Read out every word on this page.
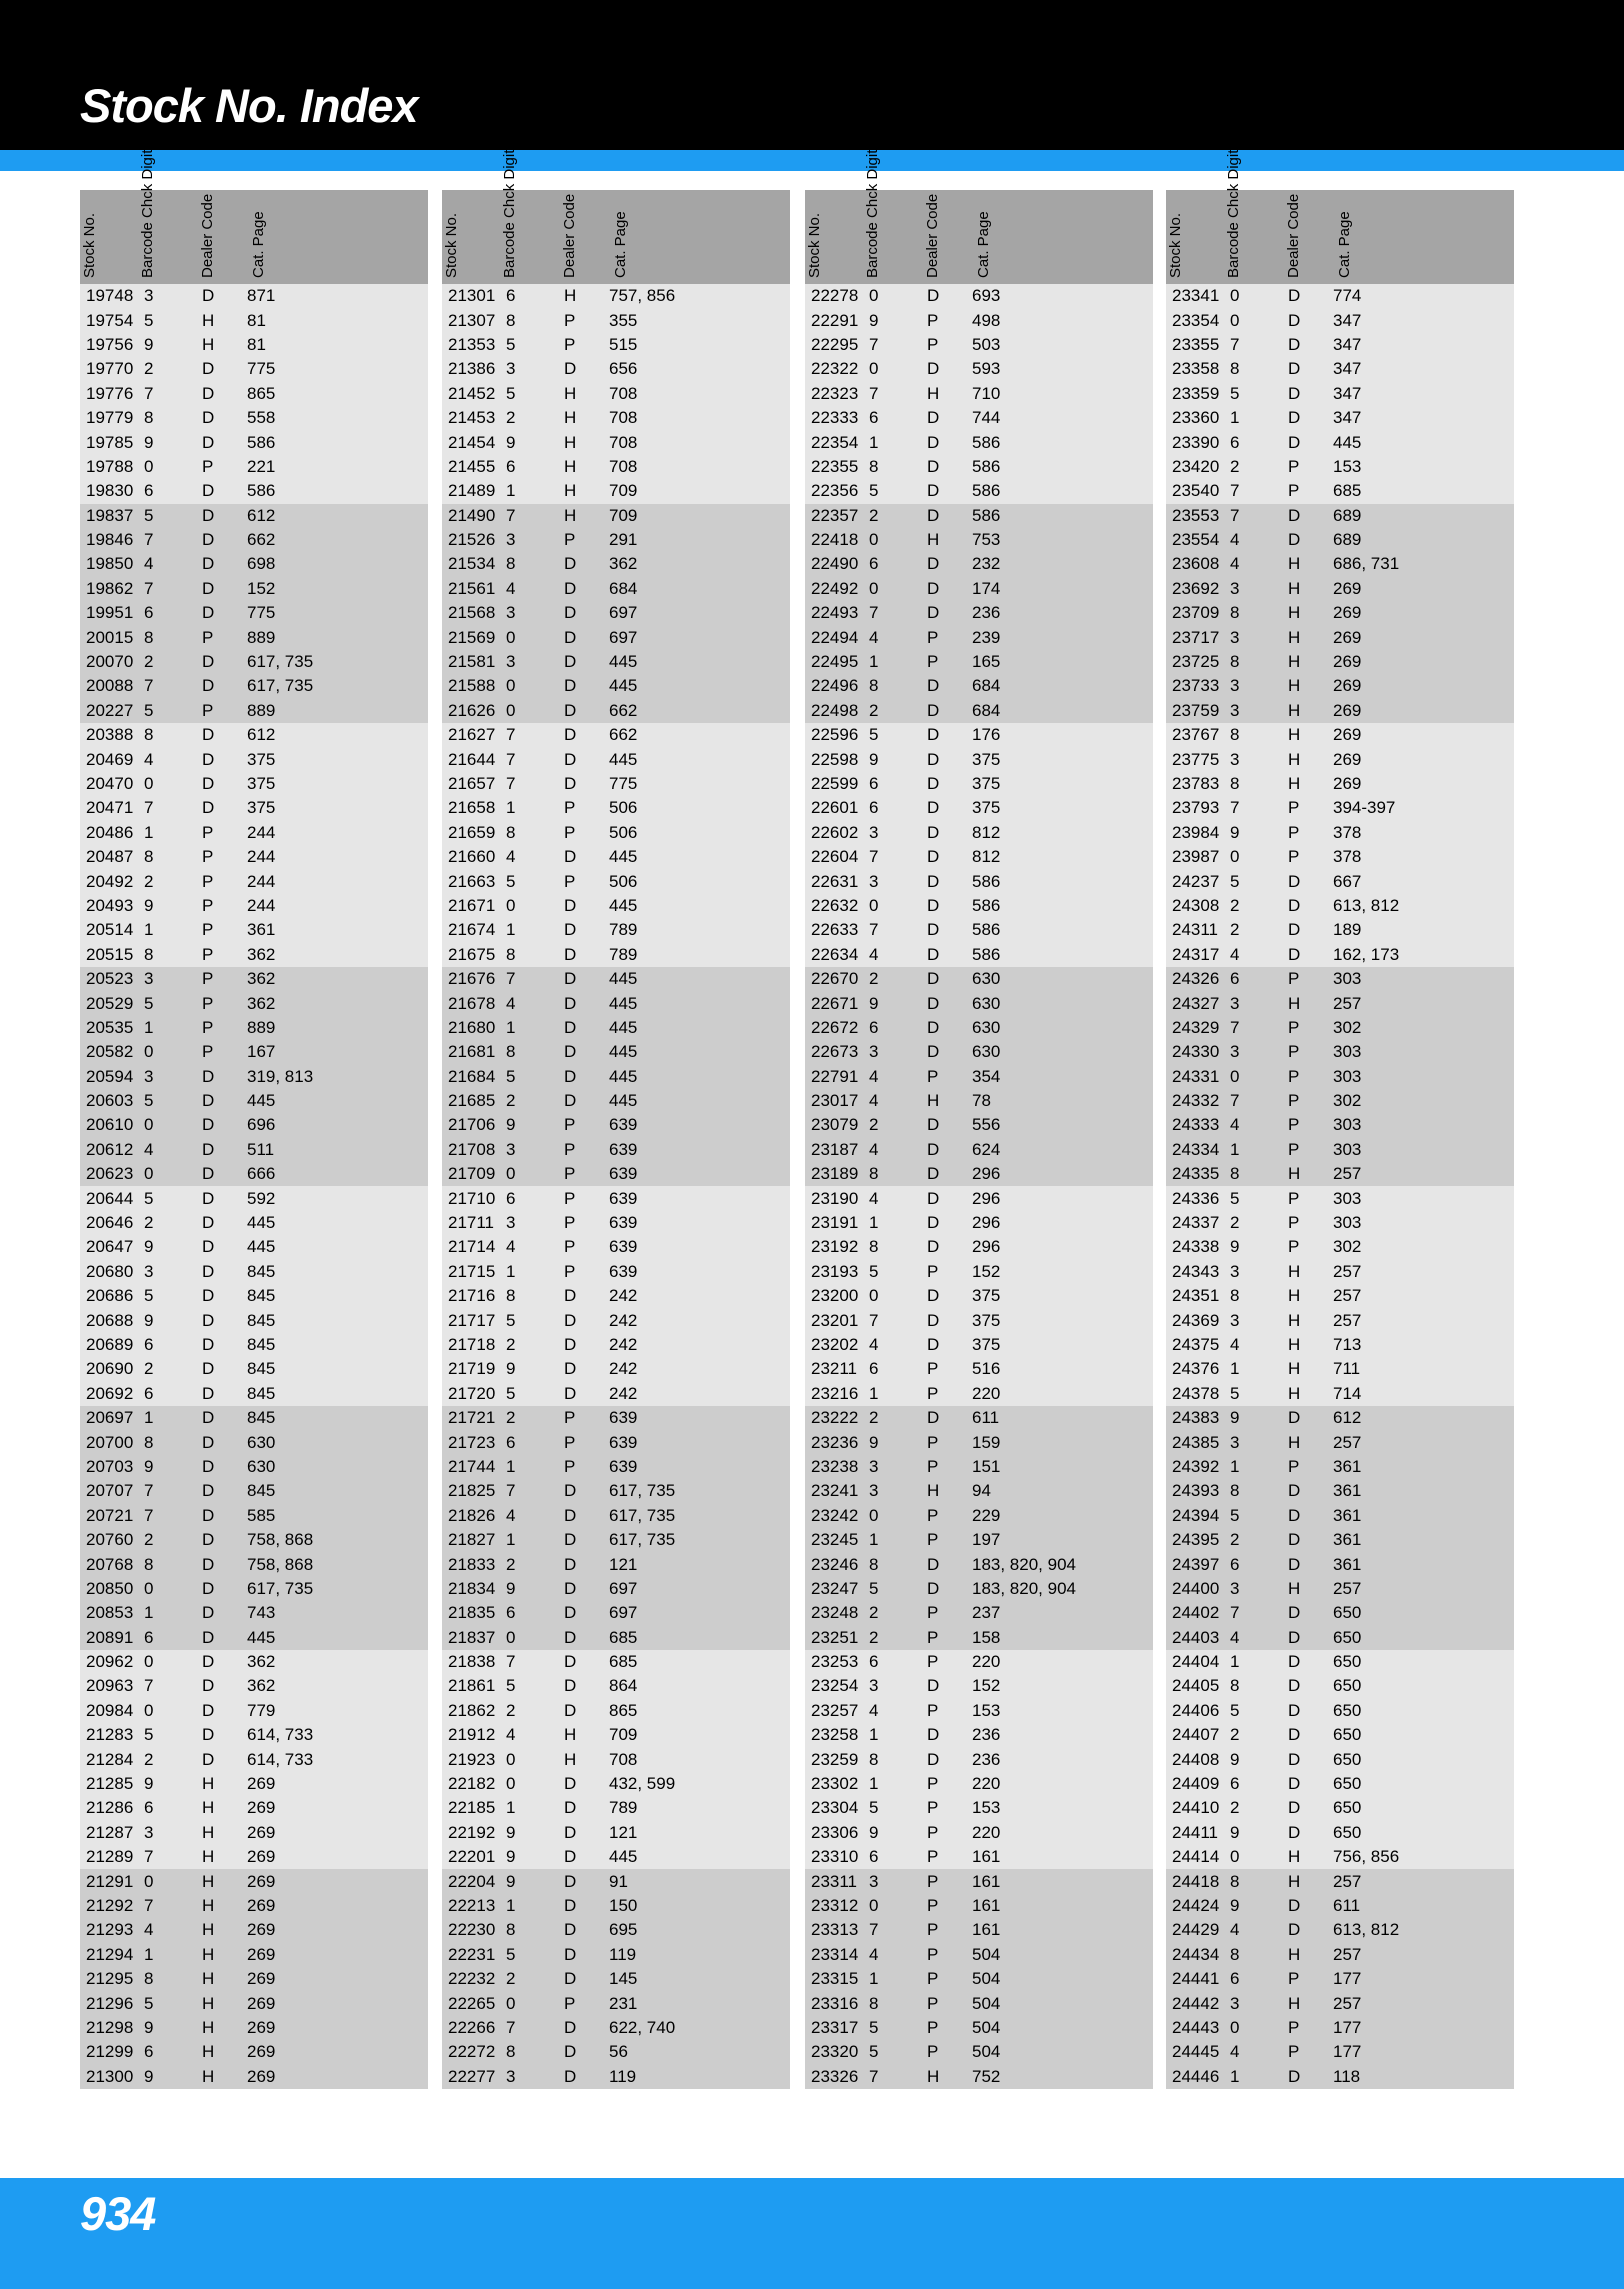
Stock No. Index
Stock No.	Barcode Chck Digit	Dealer Code Cat. Page
19748 3	D	871
19754 5	H	81
19756 9	H	81
19770 2	D	775
19776 7	D	865
19779 8	D	558
19785 9	D	586
19788 0	P	221
19830 6	D	586
19837 5	D	612
19846 7	D	662
19850 4	D	698
19862 7	D	152
19951 6	D	775
20015 8	P	889
20070 2	D	617, 735
20088 7	D	617, 735
20227 5	P	889
20388 8	D	612
20469 4	D	375
20470 0	D	375
20471 7	D	375
20486 1	P	244
20487 8	P	244
20492 2	P	244
20493 9	P	244
20514 1	P	361
20515 8	P	362
20523 3	P	362
20529 5	P	362
20535 1	P	889
20582 0	P	167
20594 3	D	319, 813
20603 5	D	445
20610 0	D	696
20612 4	D	511
20623 0	D	666
20644 5	D	592
20646 2	D	445
20647 9	D	445
20680 3	D	845
20686 5	D	845
20688 9	D	845
20689 6	D	845
20690 2	D	845
20692 6	D	845
20697 1	D	845
20700 8	D	630
20703 9	D	630
20707 7	D	845
20721 7	D	585
20760 2	D	758, 868
20768 8	D	758, 868
20850 0	D	617, 735
20853 1	D	743
20891 6	D	445
20962 0	D	362
20963 7	D	362
20984 0	D	779
21283 5	D	614, 733
21284 2	D	614, 733
21285 9	H	269
21286 6	H	269
21287 3	H	269
21289 7	H	269
21291 0	H	269
21292 7	H	269
21293 4	H	269
21294 1	H	269
21295 8	H	269
21296 5	H	269
21298 9	H	269
21299 6	H	269
21300 9	H	269
Stock No.	Barcode Chck Digit	Dealer Code Cat. Page
21301 6	H	757, 856
21307 8	P	355
21353 5	P	515
21386 3	D	656
21452 5	H	708
21453 2	H	708
21454 9	H	708
21455 6	H	708
21489 1	H	709
21490 7	H	709
21526 3	P	291
21534 8	D	362
21561 4	D	684
21568 3	D	697
21569 0	D	697
21581 3	D	445
21588 0	D	445
21626 0	D	662
21627 7	D	662
21644 7	D	445
21657 7	D	775
21658 1	P	506
21659 8	P	506
21660 4	D	445
21663 5	P	506
21671 0	D	445
21674 1	D	789
21675 8	D	789
21676 7	D	445
21678 4	D	445
21680 1	D	445
21681 8	D	445
21684 5	D	445
21685 2	D	445
21706 9	P	639
21708 3	P	639
21709 0	P	639
21710 6	P	639
21711 3	P	639
21714 4	P	639
21715 1	P	639
21716 8	D	242
21717 5	D	242
21718 2	D	242
21719 9	D	242
21720 5	D	242
21721 2	P	639
21723 6	P	639
21744 1	P	639
21825 7	D	617, 735
21826 4	D	617, 735
21827 1	D	617, 735
21833 2	D	121
21834 9	D	697
21835 6	D	697
21837 0	D	685
21838 7	D	685
21861 5	D	864
21862 2	D	865
21912 4	H	709
21923 0	H	708
22182 0	D	432, 599
22185 1	D	789
22192 9	D	121
22201 9	D	445
22204 9	D	91
22213 1	D	150
22230 8	D	695
22231 5	D	119
22232 2	D	145
22265 0	P	231
22266 7	D	622, 740
22272 8	D	56
22277 3	D	119
Stock No.	Barcode Chck Digit	Dealer Code Cat. Page
22278 0	D	693
22291 9	P	498
22295 7	P	503
22322 0	D	593
22323 7	H	710
22333 6	D	744
22354 1	D	586
22355 8	D	586
22356 5	D	586
22357 2	D	586
22418 0	H	753
22490 6	D	232
22492 0	D	174
22493 7	D	236
22494 4	P	239
22495 1	P	165
22496 8	D	684
22498 2	D	684
22596 5	D	176
22598 9	D	375
22599 6	D	375
22601 6	D	375
22602 3	D	812
22604 7	D	812
22631 3	D	586
22632 0	D	586
22633 7	D	586
22634 4	D	586
22670 2	D	630
22671 9	D	630
22672 6	D	630
22673 3	D	630
22791 4	P	354
23017 4	H	78
23079 2	D	556
23187 4	D	624
23189 8	D	296
23190 4	D	296
23191 1	D	296
23192 8	D	296
23193 5	P	152
23200 0	D	375
23201 7	D	375
23202 4	D	375
23211 6	P	516
23216 1	P	220
23222 2	D	611
23236 9	P	159
23238 3	P	151
23241 3	H	94
23242 0	P	229
23245 1	P	197
23246 8	D	183, 820, 904
23247 5	D	183, 820, 904
23248 2	P	237
23251 2	P	158
23253 6	P	220
23254 3	D	152
23257 4	P	153
23258 1	D	236
23259 8	D	236
23302 1	P	220
23304 5	P	153
23306 9	P	220
23310 6	P	161
23311 3	P	161
23312 0	P	161
23313 7	P	161
23314 4	P	504
23315 1	P	504
23316 8	P	504
23317 5	P	504
23320 5	P	504
23326 7	H	752
Stock No.	Barcode Chck Digit	Dealer Code Cat. Page
23341 0	D	774
23354 0	D	347
23355 7	D	347
23358 8	D	347
23359 5	D	347
23360 1	D	347
23390 6	D	445
23420 2	P	153
23540 7	P	685
23553 7	D	689
23554 4	D	689
23608 4	H	686, 731
23692 3	H	269
23709 8	H	269
23717 3	H	269
23725 8	H	269
23733 3	H	269
23759 3	H	269
23767 8	H	269
23775 3	H	269
23783 8	H	269
23793 7	P	394-397
23984 9	P	378
23987 0	P	378
24237 5	D	667
24308 2	D	613, 812
24311 2	D	189
24317 4	D	162, 173
24326 6	P	303
24327 3	H	257
24329 7	P	302
24330 3	P	303
24331 0	P	303
24332 7	P	302
24333 4	P	303
24334 1	P	303
24335 8	H	257
24336 5	P	303
24337 2	P	303
24338 9	P	302
24343 3	H	257
24351 8	H	257
24369 3	H	257
24375 4	H	713
24376 1	H	711
24378 5	H	714
24383 9	D	612
24385 3	H	257
24392 1	P	361
24393 8	D	361
24394 5	D	361
24395 2	D	361
24397 6	D	361
24400 3	H	257
24402 7	D	650
24403 4	D	650
24404 1	D	650
24405 8	D	650
24406 5	D	650
24407 2	D	650
24408 9	D	650
24409 6	D	650
24410 2	D	650
24411 9	D	650
24414 0	H	756, 856
24418 8	H	257
24424 9	D	611
24429 4	D	613, 812
24434 8	H	257
24441 6	P	177
24442 3	H	257
24443 0	P	177
24445 4	P	177
24446 1	D	118
934
